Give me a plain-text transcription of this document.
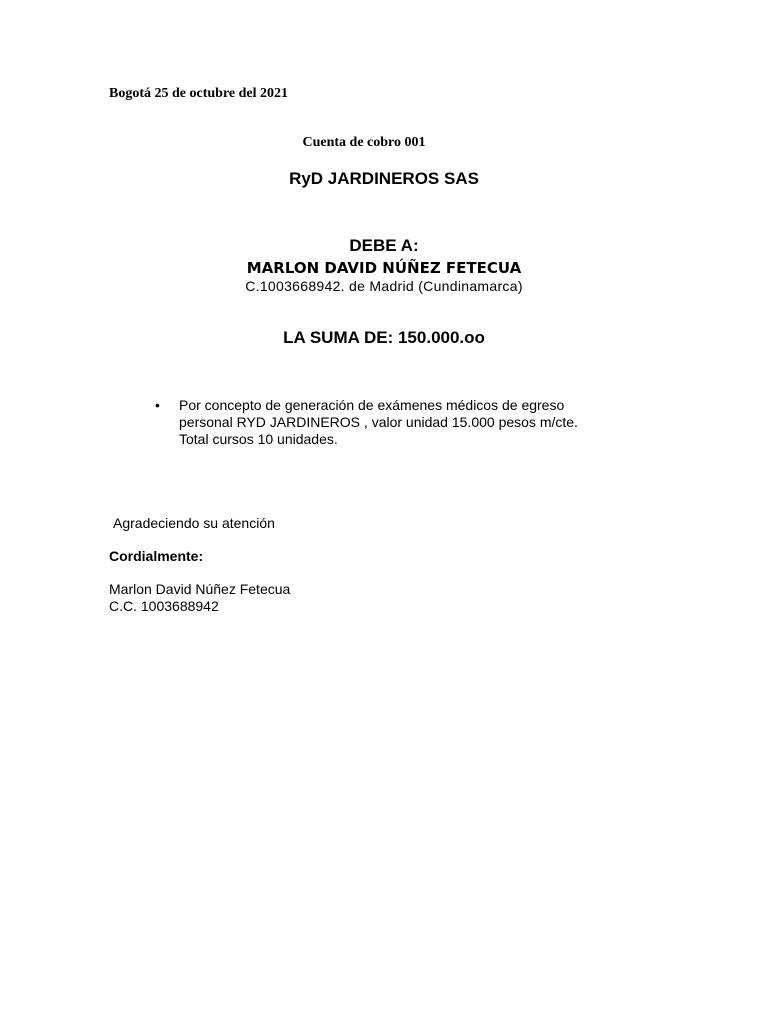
Bogotá 25 de octubre del 2021
Cuenta de cobro 001
RyD JARDINEROS SAS
DEBE A:
MARLON DAVID NÚÑEZ FETECUA
C.1003668942. de Madrid (Cundinamarca)
LA SUMA DE: 150.000.oo
•	Por concepto de generación de exámenes médicos de egreso
personal RYD JARDINEROS , valor unidad 15.000 pesos m/cte.
Total cursos 10 unidades.
Agradeciendo su atención
Cordialmente:
Marlon David Núñez Fetecua
C.C. 1003688942
